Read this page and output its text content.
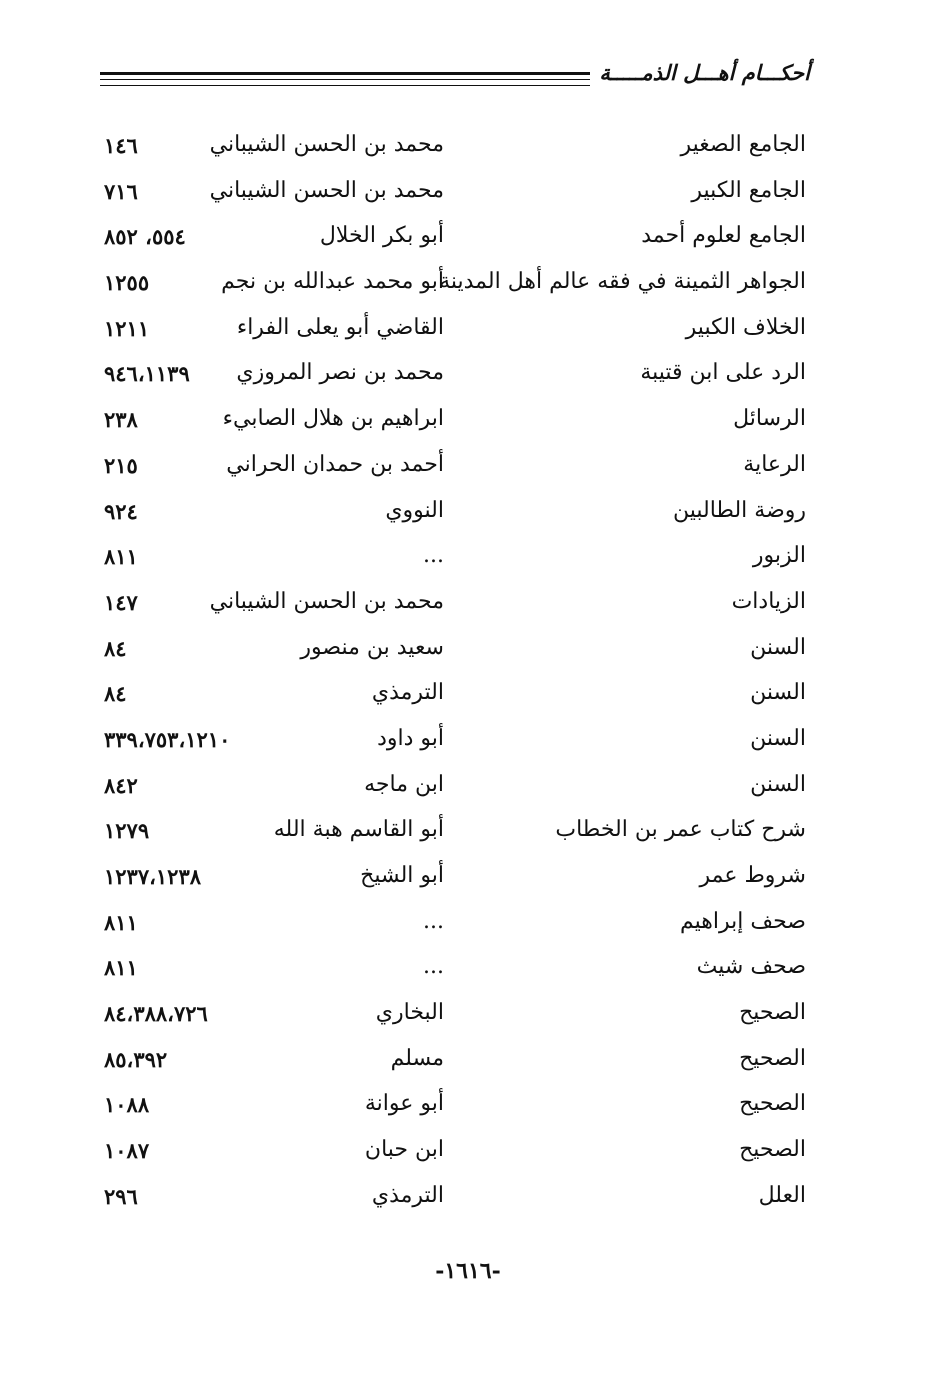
أحكـــام أهـــل الذمـــــة
الجامع الصغير
محمد بن الحسن الشيباني
١٤٦
الجامع الكبير
محمد بن الحسن الشيباني
٧١٦
الجامع لعلوم أحمد
أبو بكر الخلال
٥٥٤، ٨٥٢
الجواهر الثمينة في فقه عالم أهل المدينة
أبو محمد عبدالله بن نجم
١٢٥٥
الخلاف الكبير
القاضي أبو يعلى الفراء
١٢١١
الرد على ابن قتيبة
محمد بن نصر المروزي
٩٤٦،١١٣٩
الرسائل
ابراهيم بن هلال الصابيء
٢٣٨
الرعاية
أحمد بن حمدان الحراني
٢١٥
روضة الطالبين
النووي
٩٢٤
الزبور
...
٨١١
الزيادات
محمد بن الحسن الشيباني
١٤٧
السنن
سعيد بن منصور
٨٤
السنن
الترمذي
٨٤
السنن
أبو داود
٣٣٩،٧٥٣،١٢١٠
السنن
ابن ماجه
٨٤٢
شرح كتاب عمر بن الخطاب
أبو القاسم هبة الله
١٢٧٩
شروط عمر
أبو الشيخ
١٢٣٧،١٢٣٨
صحف إبراهيم
...
٨١١
صحف شيث
...
٨١١
الصحيح
البخاري
٨٤،٣٨٨،٧٢٦
الصحيح
مسلم
٨٥،٣٩٢
الصحيح
أبو عوانة
١٠٨٨
الصحيح
ابن حبان
١٠٨٧
العلل
الترمذي
٢٩٦
-١٦١٦-
